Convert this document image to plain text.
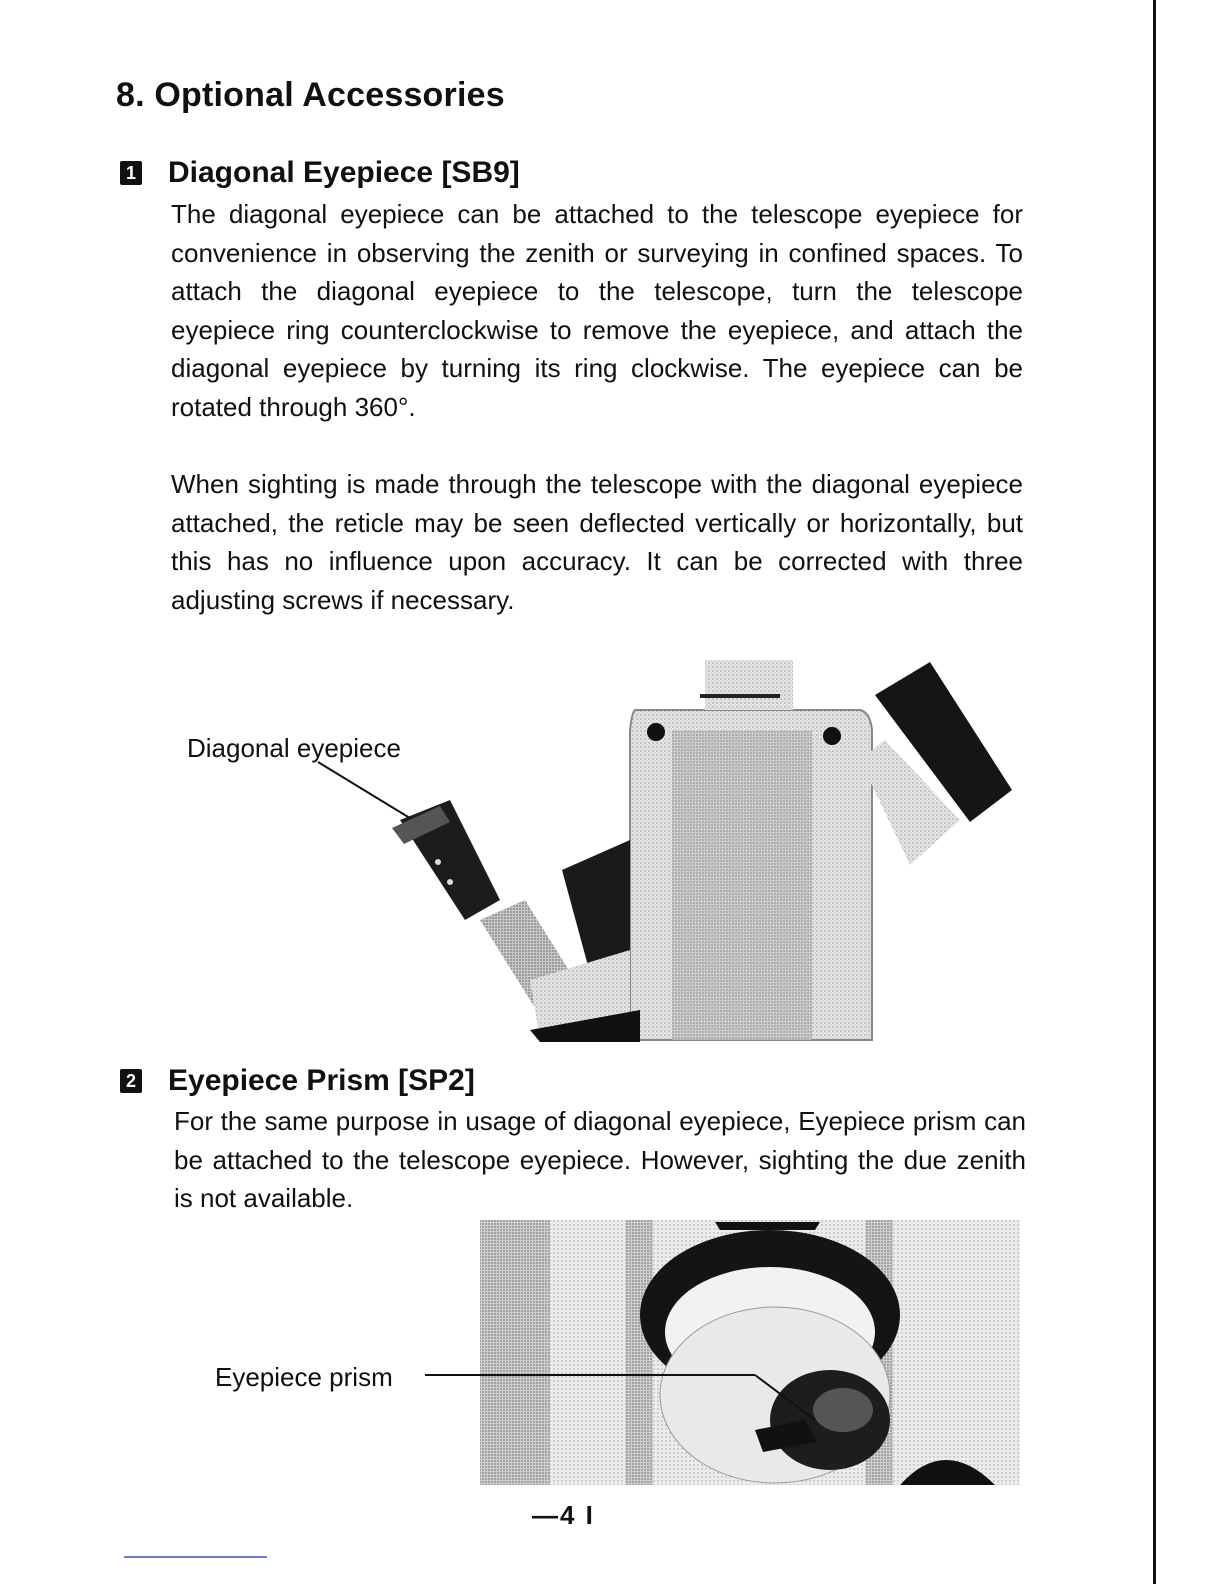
8. Optional Accessories
1 Diagonal Eyepiece [SB9]

The diagonal eyepiece can be attached to the telescope eyepiece for convenience in observing the zenith or surveying in confined spaces. To attach the diagonal eyepiece to the telescope, turn the telescope eyepiece ring counterclockwise to remove the eyepiece, and attach the diagonal eyepiece by turning its ring clockwise. The eyepiece can be rotated through 360°.

When sighting is made through the telescope with the diagonal eyepiece attached, the reticle may be seen deflected vertically or horizontally, but this has no influence upon accuracy. It can be corrected with three adjusting screws if necessary.

Diagonal eyepiece
2 Eyepiece Prism [SP2]

For the same purpose in usage of diagonal eyepiece, Eyepiece prism can be attached to the telescope eyepiece. However, sighting the due zenith is not available.

Eyepiece prism
—4 I
